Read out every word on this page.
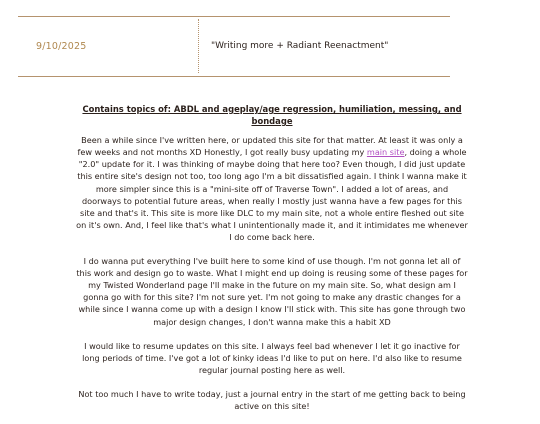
9/10/2025	"Writing more + Radiant Reenactment"
Contains topics of: ABDL and ageplay/age regression, humiliation, messing, and bondage

Been a while since I've written here, or updated this site for that matter. At least it was only a few weeks and not months XD Honestly, I got really busy updating my main site, doing a whole "2.0" update for it. I was thinking of maybe doing that here too? Even though, I did just update this entire site's design not too, too long ago I'm a bit dissatisfied again. I think I wanna make it more simpler since this is a "mini-site off of Traverse Town". I added a lot of areas, and doorways to potential future areas, when really I mostly just wanna have a few pages for this site and that's it. This site is more like DLC to my main site, not a whole entire fleshed out site on it's own. And, I feel like that's what I unintentionally made it, and it intimidates me whenever I do come back here.

I do wanna put everything I've built here to some kind of use though. I'm not gonna let all of this work and design go to waste. What I might end up doing is reusing some of these pages for my Twisted Wonderland page I'll make in the future on my main site. So, what design am I gonna go with for this site? I'm not sure yet. I'm not going to make any drastic changes for a while since I wanna come up with a design I know I'll stick with. This site has gone through two major design changes, I don't wanna make this a habit XD

I would like to resume updates on this site. I always feel bad whenever I let it go inactive for long periods of time. I've got a lot of kinky ideas I'd like to put on here. I'd also like to resume regular journal posting here as well.

Not too much I have to write today, just a journal entry in the start of me getting back to being active on this site!
